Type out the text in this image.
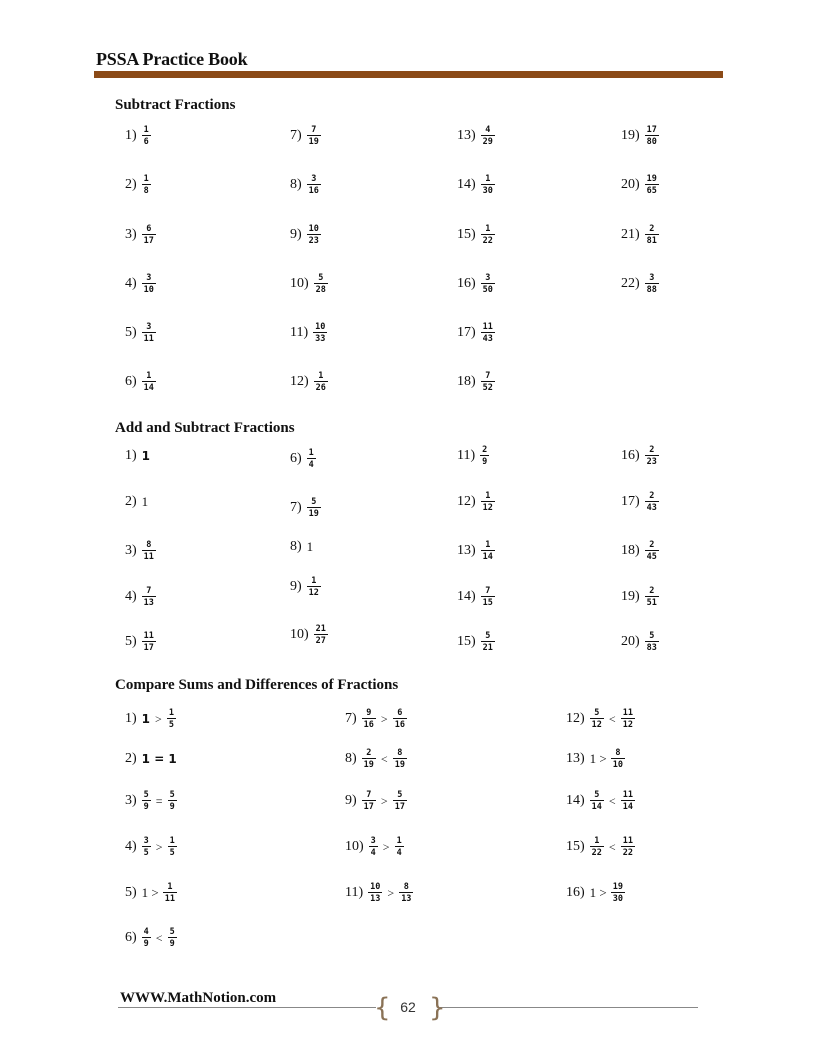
PSSA Practice Book
Subtract Fractions
Add and Subtract Fractions
Compare Sums and Differences of Fractions
$1) \frac{1}{6}$
$2) \frac{1}{8}$
$3) \frac{6}{17}$
$4) \frac{3}{10}$
$5) \frac{3}{11}$
$6) \frac{1}{14}$
$7) \frac{7}{19}$
$8) \frac{3}{16}$
$9) \frac{10}{23}$
$10) \frac{5}{28}$
$11) \frac{10}{33}$
$12) \frac{1}{26}$
$13) \frac{4}{29}$
$14) \frac{1}{30}$
$15) \frac{1}{22}$
$16) \frac{3}{50}$
$17) \frac{11}{43}$
$18) \frac{7}{52}$
$19) \frac{17}{80}$
$20) \frac{19}{65}$
$21) \frac{2}{81}$
$22) \frac{3}{88}$
1) 1
2) 1
$3) \frac{8}{11}$
$4) \frac{7}{13}$
$5) \frac{11}{17}$
$6) \frac{1}{4}$
$7) \frac{5}{19}$
8) 1
$9) \frac{1}{12}$
$10) \frac{21}{27}$
$11) \frac{2}{9}$
$12) \frac{1}{12}$
$13) \frac{1}{14}$
$14) \frac{7}{15}$
$15) \frac{5}{21}$
$16) \frac{2}{23}$
$17) \frac{2}{43}$
$18) \frac{2}{45}$
$19) \frac{2}{51}$
$20) \frac{5}{83}$
1) $1 > \frac{1}{5}$
2) 1 = 1
$3) \frac{5}{9} = \frac{5}{9}$
$4) \frac{3}{5} > \frac{1}{5}$
5) $1 > \frac{1}{11}$
$6) \frac{4}{9} < \frac{5}{9}$
$7) \frac{9}{16} > \frac{6}{16}$
$8) \frac{2}{19} < \frac{8}{19}$
$9) \frac{7}{17} > \frac{5}{17}$
$10) \frac{3}{4} > \frac{1}{4}$
$11) \frac{10}{13} > \frac{8}{13}$
$12) \frac{5}{12} < \frac{11}{12}$
13) $1 > \frac{8}{10}$
$14) \frac{5}{14} < \frac{11}{14}$
$15) \frac{1}{22} < \frac{11}{22}$
16) $1 > \frac{19}{30}$
WWW.MathNotion.com	{ }
62
